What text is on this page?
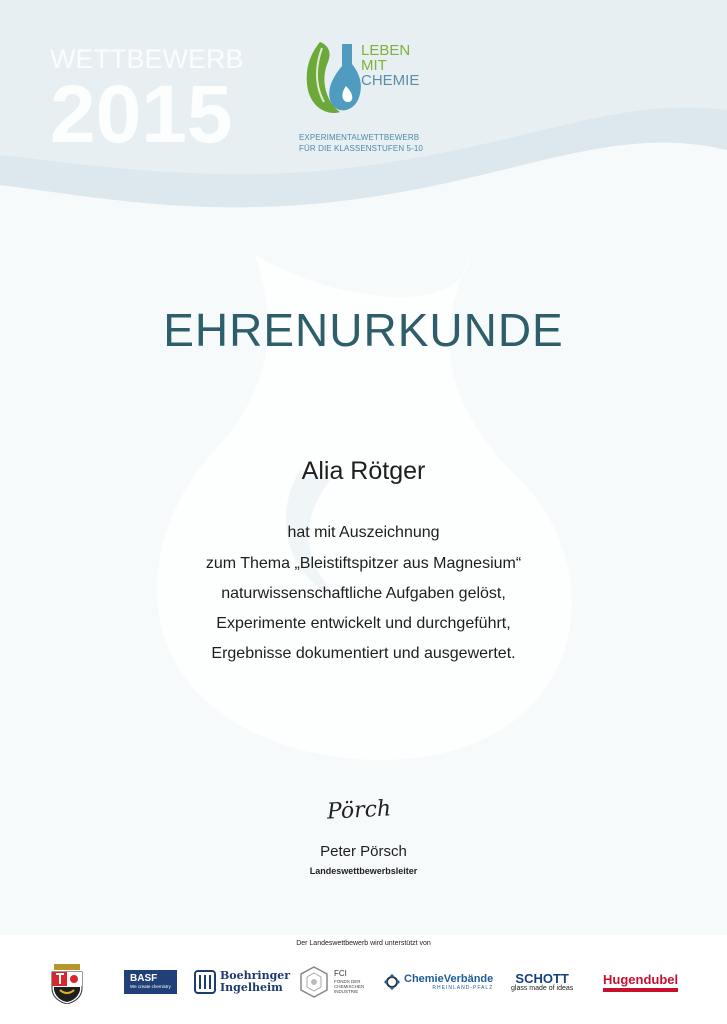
WETTBEWERB
2015
LEBEN
MIT
CHEMIE
EXPERIMENTALWETTBEWERB
FÜR DIE KLASSENSTUFEN 5-10
EHRENURKUNDE
Alia Rötger
hat mit Auszeichnung
zum Thema „Bleistiftspitzer aus Magnesium“
naturwissenschaftliche Aufgaben gelöst,
Experimente entwickelt und durchgeführt,
Ergebnisse dokumentiert und ausgewertet.
Pörch
Peter Pörsch
Landeswettbewerbsleiter
Der Landeswettbewerb wird unterstützt von
BASF
We create chemistry
Boehringer
Ingelheim
FCI
FONDS DER
CHEMISCHEN
INDUSTRIE
ChemieVerbände
RHEINLAND-PFALZ
SCHOTT
glass made of ideas
Hugendubel
